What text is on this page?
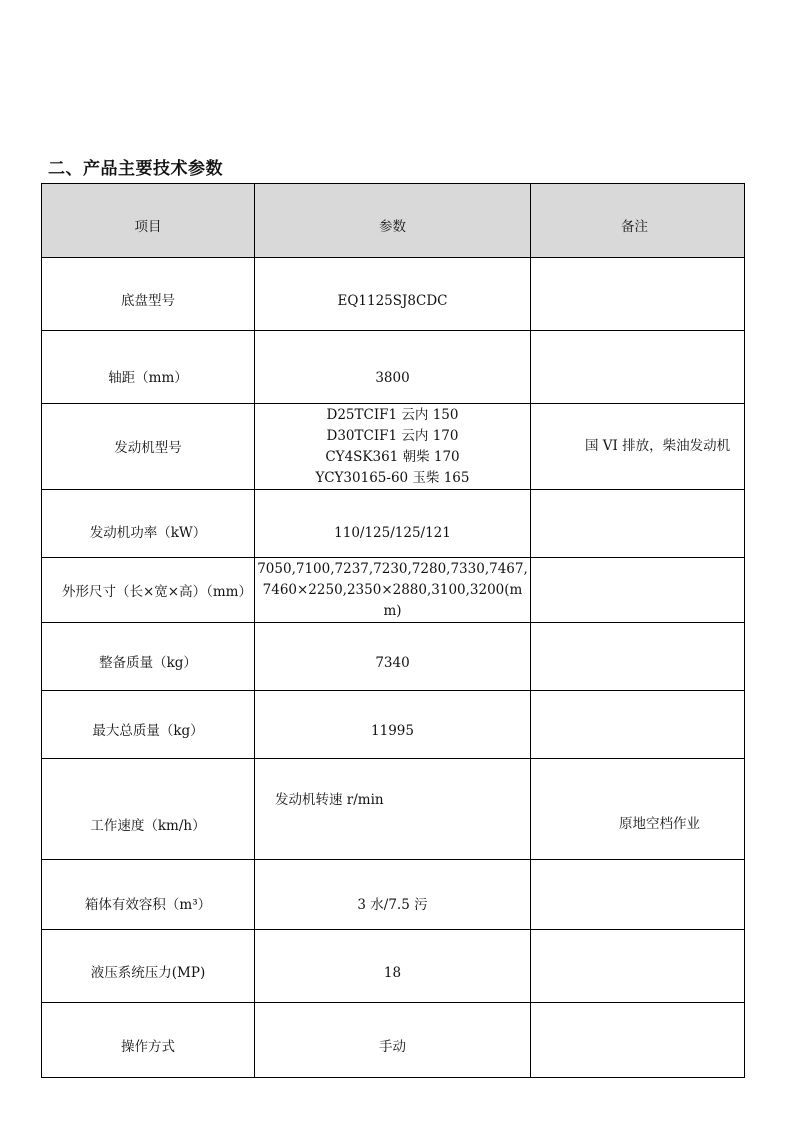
二、产品主要技术参数
项目	参数	备注

底盘型号	EQ1125SJ8CDC	

轴距（mm）	3800	

发动机型号	D25TCIF1 云内 150
D30TCIF1 云内 170
CY4SK361 朝柴 170
YCY30165-60 玉柴 165	国 VI 排放，柴油发动机

发动机功率（kW）	110/125/125/121	

外形尺寸（长×宽×高）（mm）	7050,7100,7237,7230,7280,7330,7467,7460×2250,2350×2880,3100,3200(mm)	

整备质量（kg）	7340	

最大总质量（kg）	11995	

工作速度（km/h）	发动机转速 r/min	原地空档作业

箱体有效容积（m³）	3 水/7.5 污	

液压系统压力(MP)	18	

操作方式	手动	
